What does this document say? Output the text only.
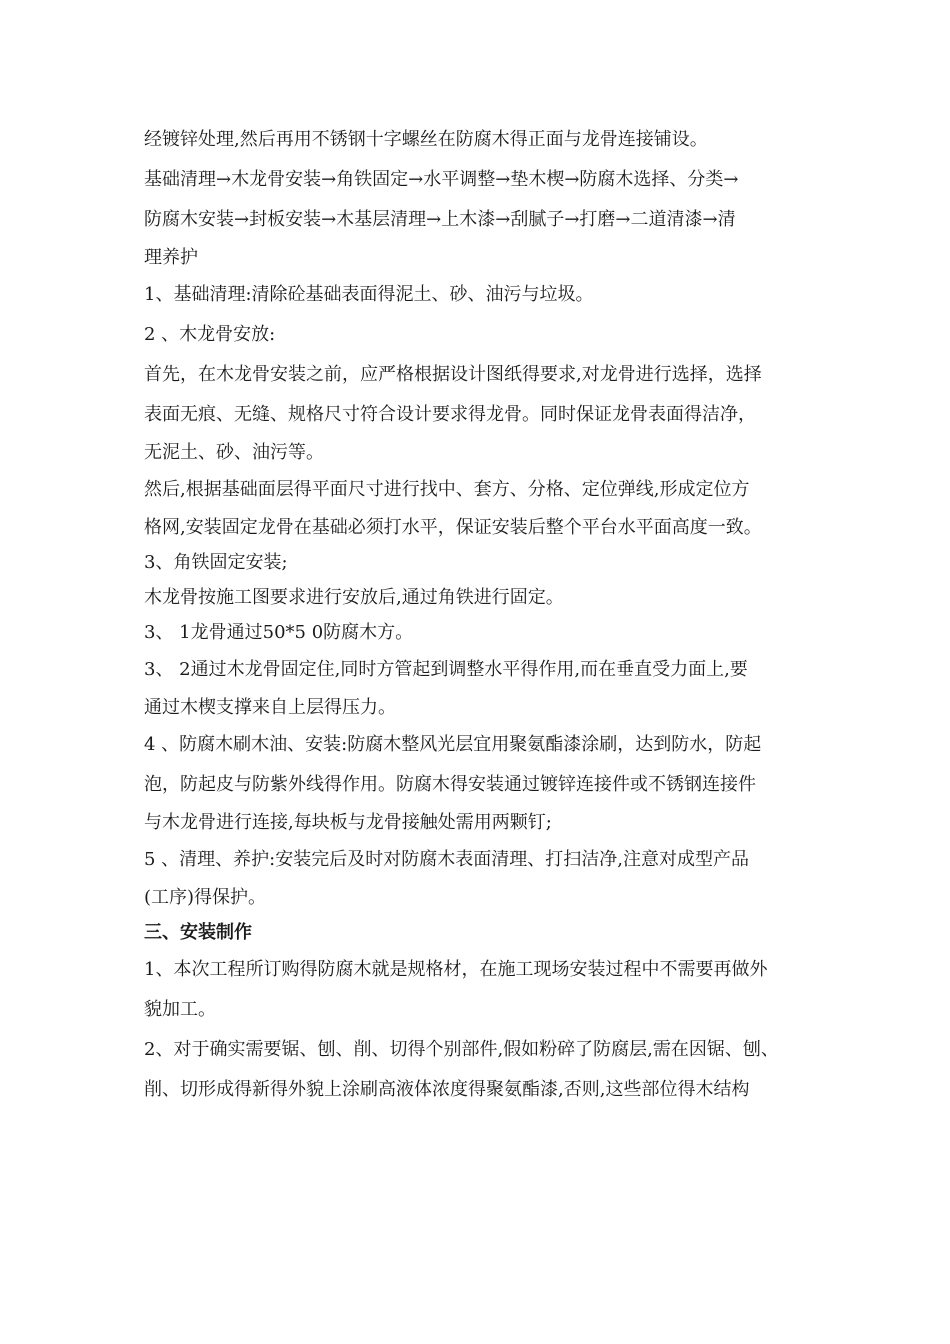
经镀锌处理,然后再用不锈钢十字螺丝在防腐木得正面与龙骨连接铺设。
基础清理→木龙骨安装→角铁固定→水平调整→垫木楔→防腐木选择、分类→
防腐木安装→封板安装→木基层清理→上木漆→刮腻子→打磨→二道清漆→清
理养护
1、基础清理:清除砼基础表面得泥土、砂、油污与垃圾。
2 、木龙骨安放:
首先，在木龙骨安装之前，应严格根据设计图纸得要求,对龙骨进行选择，选择
表面无痕、无缝、规格尺寸符合设计要求得龙骨。同时保证龙骨表面得洁净，
无泥土、砂、油污等。
然后,根据基础面层得平面尺寸进行找中、套方、分格、定位弹线,形成定位方
格网,安装固定龙骨在基础必须打水平，保证安装后整个平台水平面高度一致。
3、角铁固定安装;
木龙骨按施工图要求进行安放后,通过角铁进行固定。
3、 1龙骨通过50*5 0防腐木方。
3、 2通过木龙骨固定住,同时方管起到调整水平得作用,而在垂直受力面上,要
通过木楔支撑来自上层得压力。
4 、防腐木刷木油、安装:防腐木整风光层宜用聚氨酯漆涂刷，达到防水，防起
泡，防起皮与防紫外线得作用。防腐木得安装通过镀锌连接件或不锈钢连接件
与木龙骨进行连接,每块板与龙骨接触处需用两颗钉;
5 、清理、养护:安装完后及时对防腐木表面清理、打扫洁净,注意对成型产品
(工序)得保护。
三、安装制作
1、本次工程所订购得防腐木就是规格材，在施工现场安装过程中不需要再做外
貌加工。
2、对于确实需要锯、刨、削、切得个别部件,假如粉碎了防腐层,需在因锯、刨、
削、切形成得新得外貌上涂刷高液体浓度得聚氨酯漆,否则,这些部位得木结构
